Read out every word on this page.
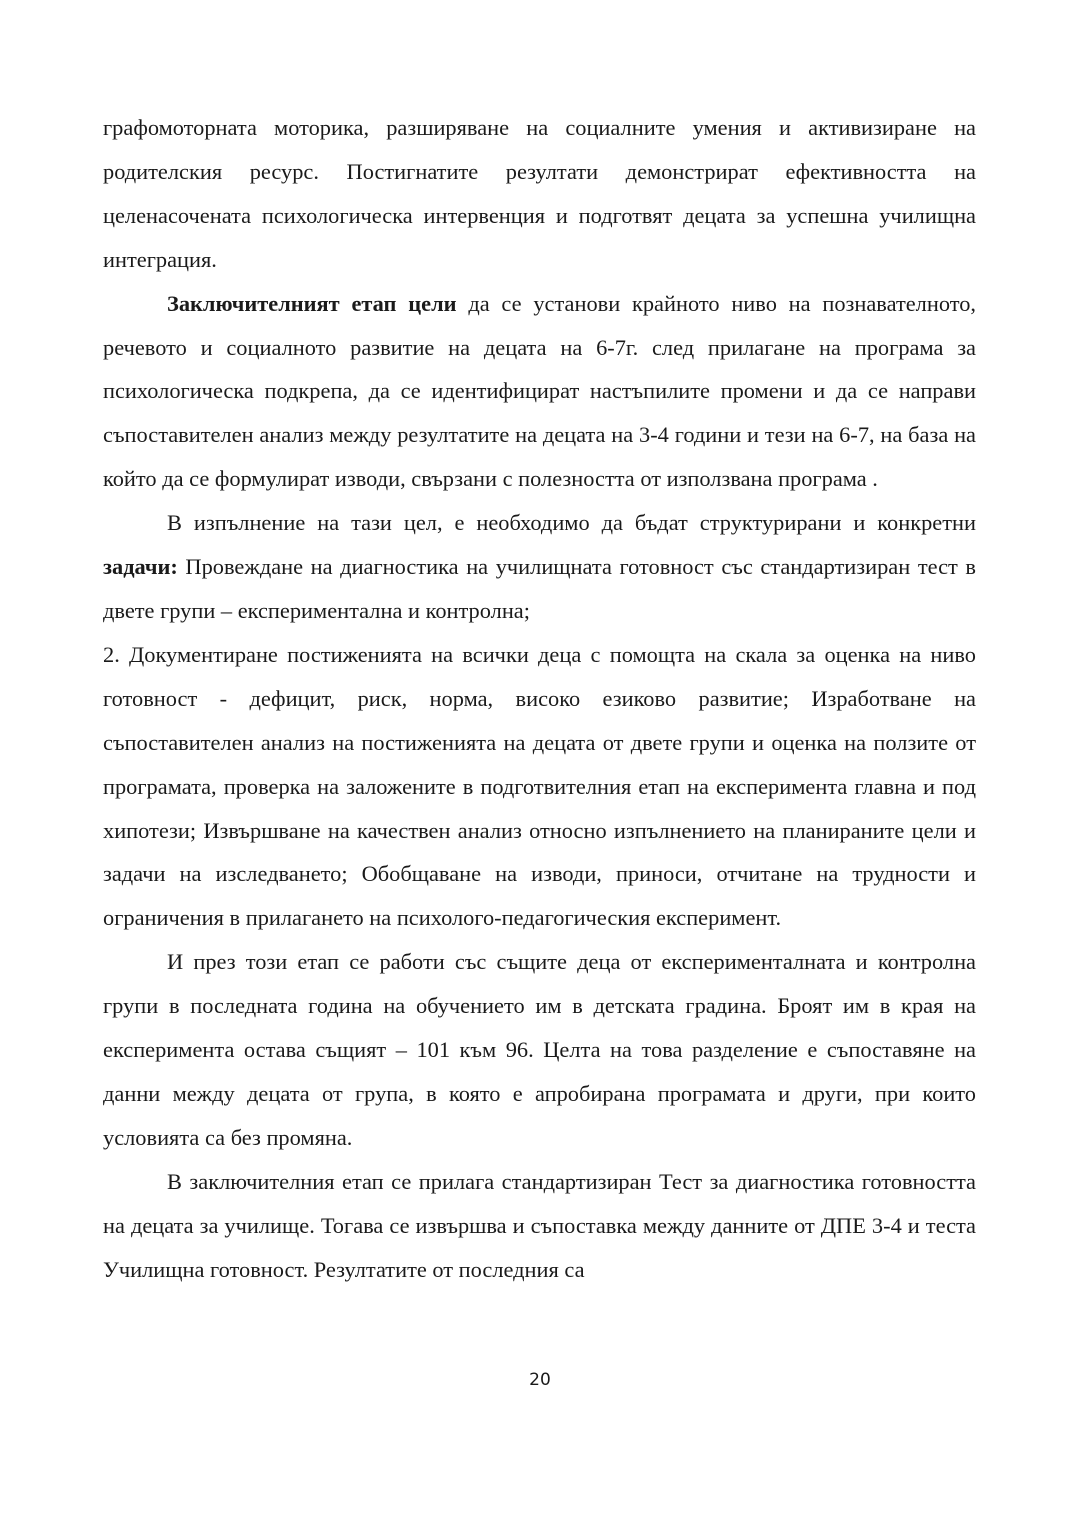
графомоторната моторика, разширяване на социалните умения и активизиране на родителския ресурс. Постигнатите резултати демонстрират ефективността на целенасочената психологическа интервенция и подготвят децата за успешна училищна интеграция.

Заключителният етап цели да се установи крайното ниво на познавателното, речевото и социалното развитие на децата на 6-7г. след прилагане на програма за психологическа подкрепа, да се идентифицират настъпилите промени и да се направи съпоставителен анализ между резултатите на децата на 3-4 години и тези на 6-7, на база на който да се формулират изводи, свързани с полезността от използвана програма .

В изпълнение на тази цел, е необходимо да бъдат структурирани и конкретни задачи: Провеждане на диагностика на училищната готовност със стандартизиран тест в двете групи – експериментална и контролна;

2. Документиране постиженията на всички деца с помощта на скала за оценка на ниво готовност - дефицит, риск, норма, високо езиково развитие; Изработване на съпоставителен анализ на постиженията на децата от двете групи и оценка на ползите от програмата, проверка на заложените в подготвителния етап на експеримента главна и под хипотези; Извършване на качествен анализ относно изпълнението на планираните цели и задачи на изследването; Обобщаване на изводи, приноси, отчитане на трудности и ограничения в прилагането на психолого-педагогическия експеримент.

И през този етап се работи със същите деца от експерименталната и контролна групи в последната година на обучението им в детската градина. Броят им в края на експеримента остава същият – 101 към 96. Целта на това разделение е съпоставяне на данни между децата от група, в която е апробирана програмата и други, при които условията са без промяна.

В заключителния етап се прилага стандартизиран Тест за диагностика готовността на децата за училище. Тогава се извършва и съпоставка между данните от ДПЕ 3-4 и теста Училищна готовност. Резултатите от последния са

20
